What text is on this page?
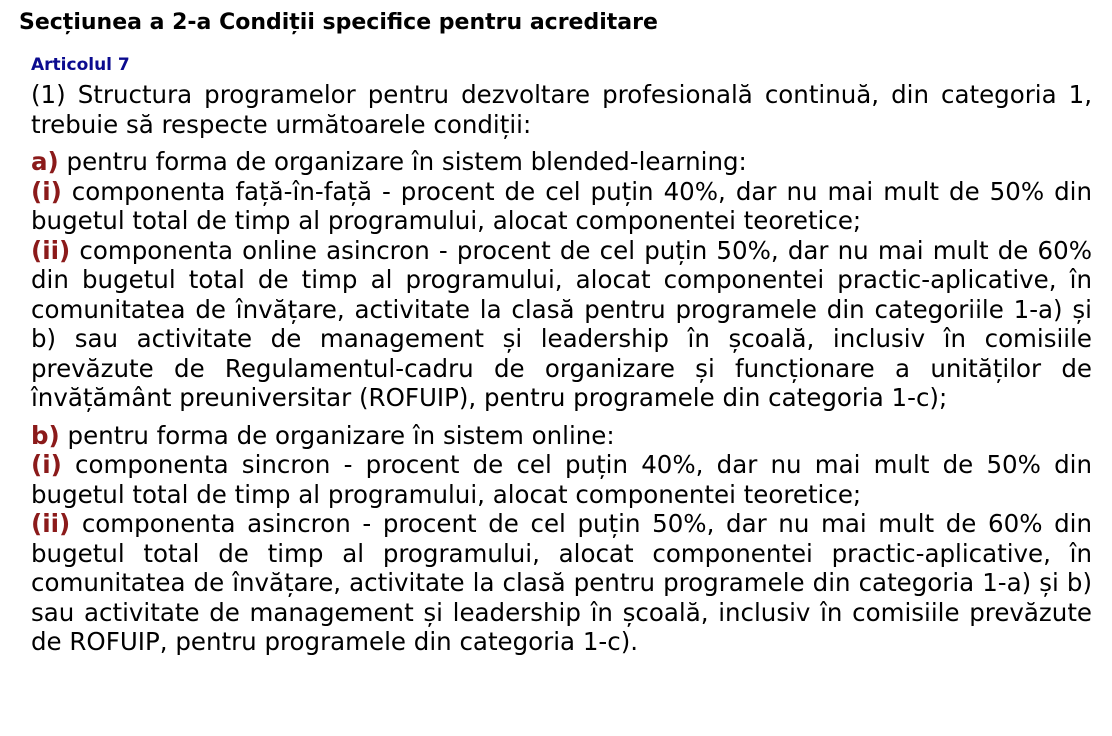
Secțiunea a 2-a Condiții specifice pentru acreditare
Articolul 7

(1) Structura programelor pentru dezvoltare profesională continuă, din categoria 1, trebuie să respecte următoarele condiții:

a) pentru forma de organizare în sistem blended-learning:

(i) componenta față-în-față - procent de cel puțin 40%, dar nu mai mult de 50% din bugetul total de timp al programului, alocat componentei teoretice;

(ii) componenta online asincron - procent de cel puțin 50%, dar nu mai mult de 60% din bugetul total de timp al programului, alocat componentei practic-aplicative, în comunitatea de învățare, activitate la clasă pentru programele din categoriile 1-a) și b) sau activitate de management și leadership în școală, inclusiv în comisiile prevăzute de Regulamentul-cadru de organizare și funcționare a unităților de învățământ preuniversitar (ROFUIP), pentru programele din categoria 1-c);

b) pentru forma de organizare în sistem online:

(i) componenta sincron - procent de cel puțin 40%, dar nu mai mult de 50% din bugetul total de timp al programului, alocat componentei teoretice;

(ii) componenta asincron - procent de cel puțin 50%, dar nu mai mult de 60% din bugetul total de timp al programului, alocat componentei practic-aplicative, în comunitatea de învățare, activitate la clasă pentru programele din categoria 1-a) și b) sau activitate de management și leadership în școală, inclusiv în comisiile prevăzute de ROFUIP, pentru programele din categoria 1-c).
